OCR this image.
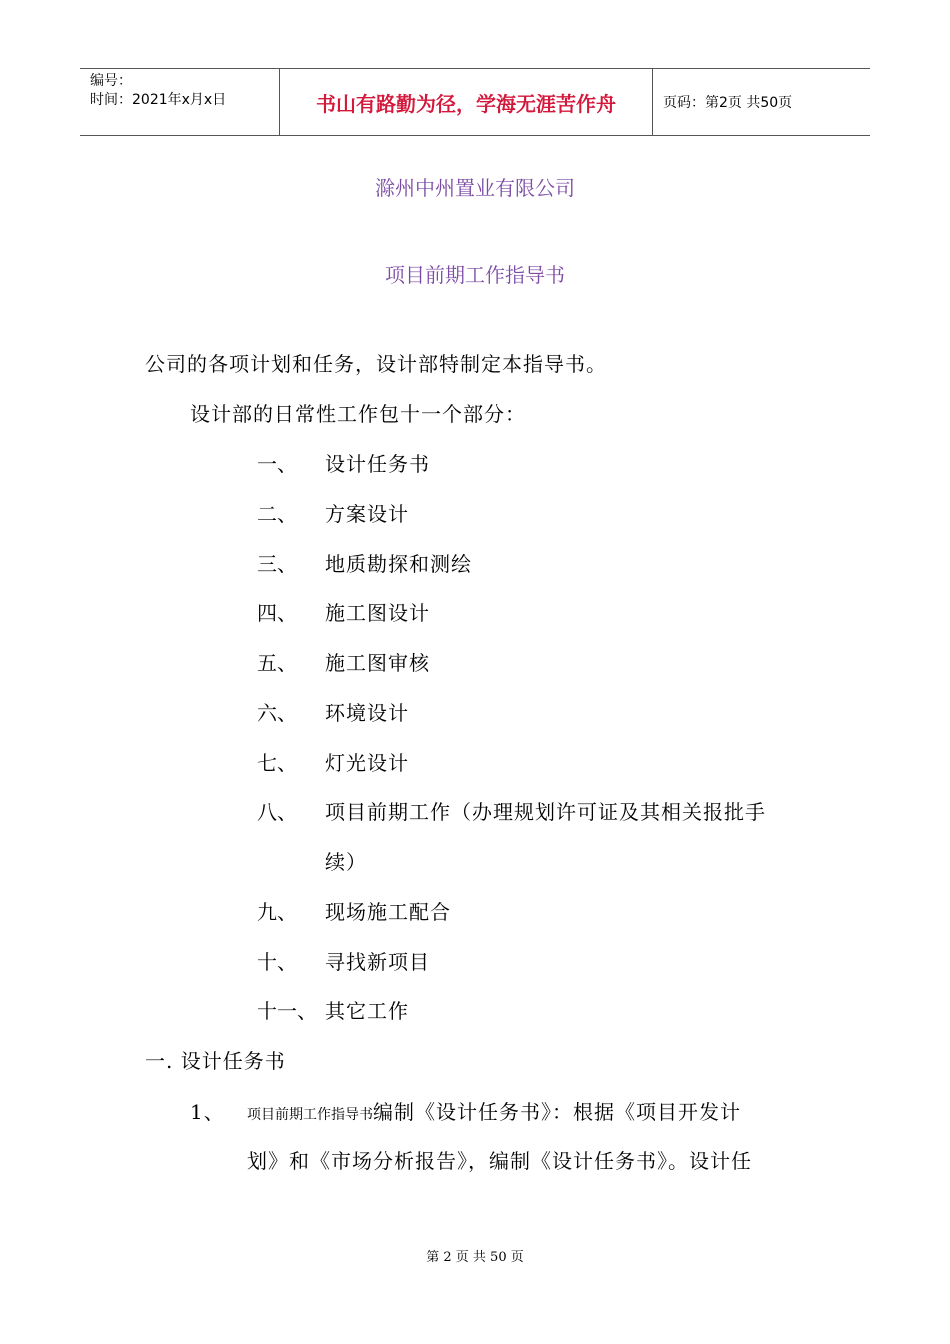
编号：
时间：2021年x月x日	书山有路勤为径，学海无涯苦作舟	页码：第2页 共50页
滁州中州置业有限公司
项目前期工作指导书
公司的各项计划和任务，设计部特制定本指导书。
设计部的日常性工作包十一个部分：
一、 设计任务书
二、 方案设计
三、 地质勘探和测绘
四、 施工图设计
五、 施工图审核
六、 环境设计
七、 灯光设计
八、 项目前期工作（办理规划许可证及其相关报批手
续）
九、 现场施工配合
十、 寻找新项目
十一、 其它工作
一. 设计任务书
1、 项目前期工作指导书编制《设计任务书》：根据《项目开发计
划》和《市场分析报告》，编制《设计任务书》。设计任
第 2 页 共 50 页
